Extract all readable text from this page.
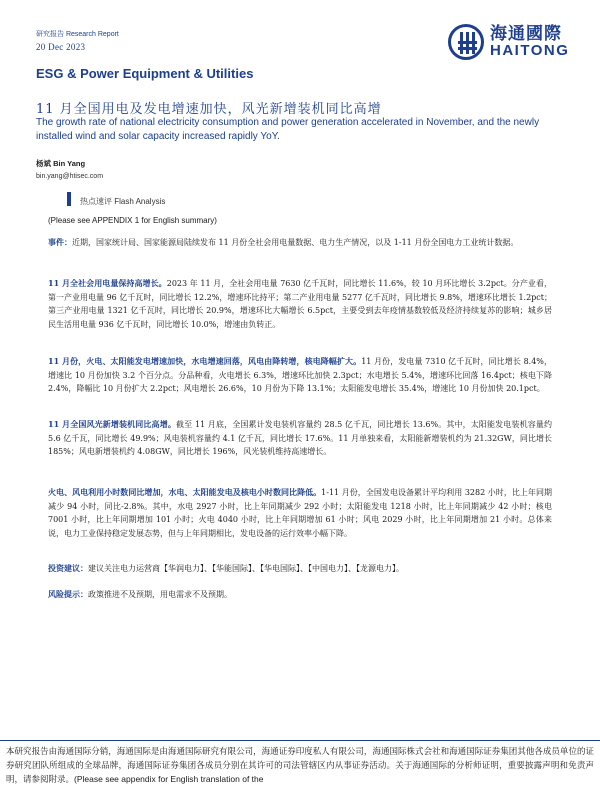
研究报告 Research Report
20 Dec 2023
海通國際
HAITONG
ESG & Power Equipment & Utilities
11 月全国用电及发电增速加快，风光新增装机同比高增
The growth rate of national electricity consumption and power generation accelerated in November, and the newly installed wind and solar capacity increased rapidly YoY.
杨斌 Bin Yang
bin.yang@htisec.com
热点速评 Flash Analysis
(Please see APPENDIX 1 for English summary)
事件：近期，国家统计局、国家能源局陆续发布 11 月份全社会用电量数据、电力生产情况，以及 1-11 月份全国电力工业统计数据。
11 月全社会用电量保持高增长。2023 年 11 月，全社会用电量 7630 亿千瓦时，同比增长 11.6%，较 10 月环比增长 3.2pct。分产业看，第一产业用电量 96 亿千瓦时，同比增长 12.2%，增速环比持平；第二产业用电量 5277 亿千瓦时，同比增长 9.8%，增速环比增长 1.2pct；第三产业用电量 1321 亿千瓦时，同比增长 20.9%，增速环比大幅增长 6.5pct，主要受到去年疫情基数较低及经济持续复苏的影响；城乡居民生活用电量 936 亿千瓦时，同比增长 10.0%，增速由负转正。
11 月份，火电、太阳能发电增速加快，水电增速回落，风电由降转增，核电降幅扩大。11 月份，发电量 7310 亿千瓦时，同比增长 8.4%，增速比 10 月份加快 3.2 个百分点。分品种看，火电增长 6.3%，增速环比加快 2.3pct；水电增长 5.4%，增速环比回落 16.4pct；核电下降 2.4%，降幅比 10 月份扩大 2.2pct；风电增长 26.6%，10 月份为下降 13.1%；太阳能发电增长 35.4%，增速比 10 月份加快 20.1pct。
11 月全国风光新增装机同比高增。截至 11 月底，全国累计发电装机容量约 28.5 亿千瓦，同比增长 13.6%。其中，太阳能发电装机容量约 5.6 亿千瓦，同比增长 49.9%；风电装机容量约 4.1 亿千瓦，同比增长 17.6%。11 月单独来看，太阳能新增装机约为 21.32GW，同比增长 185%；风电新增装机约 4.08GW，同比增长 196%，风光装机维持高速增长。
火电、风电利用小时数同比增加，水电、太阳能发电及核电小时数同比降低。1-11 月份，全国发电设备累计平均利用 3282 小时，比上年同期减少 94 小时，同比-2.8%。其中，水电 2927 小时，比上年同期减少 292 小时；太阳能发电 1218 小时，比上年同期减少 42 小时；核电 7001 小时，比上年同期增加 101 小时；火电 4040 小时，比上年同期增加 61 小时；风电 2029 小时，比上年同期增加 21 小时。总体来说，电力工业保持稳定发展态势，但与上年同期相比，发电设备的运行效率小幅下降。
投资建议：建议关注电力运营商【华润电力】、【华能国际】、【华电国际】、【中国电力】、【龙源电力】。
风险提示：政策推进不及预期，用电需求不及预期。
本研究报告由海通国际分销，海通国际是由海通国际研究有限公司，海通证券印度私人有限公司，海通国际株式会社和海通国际证券集团其他各成员单位的证券研究团队所组成的全球品牌，海通国际证券集团各成员分别在其许可的司法管辖区内从事证券活动。关于海通国际的分析师证明，重要披露声明和免责声明，请参阅附录。(Please see appendix for English translation of the
